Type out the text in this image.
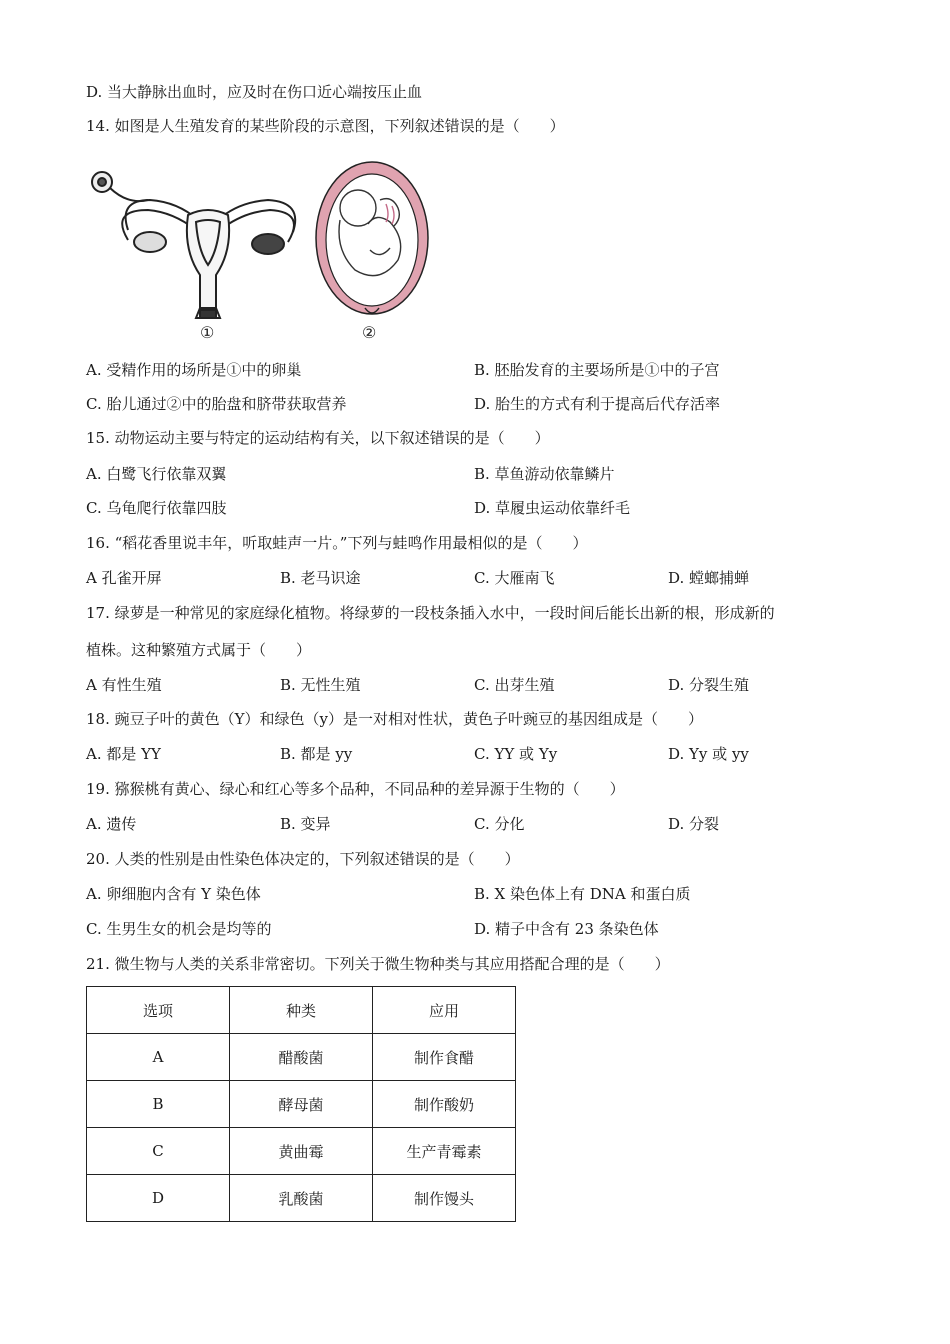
D. 当大静脉出血时，应及时在伤口近心端按压止血
14. 如图是人生殖发育的某些阶段的示意图，下列叙述错误的是（　　）
①	②
A. 受精作用的场所是①中的卵巢	B. 胚胎发育的主要场所是①中的子宫
C. 胎儿通过②中的胎盘和脐带获取营养	D. 胎生的方式有利于提高后代存活率
15. 动物运动主要与特定的运动结构有关，以下叙述错误的是（　　）
A. 白鹭飞行依靠双翼	B. 草鱼游动依靠鳞片
C. 乌龟爬行依靠四肢	D. 草履虫运动依靠纤毛
16. “稻花香里说丰年，听取蛙声一片。”下列与蛙鸣作用最相似的是（　　）
A 孔雀开屏	B. 老马识途	C. 大雁南飞	D. 螳螂捕蝉
17. 绿萝是一种常见的家庭绿化植物。将绿萝的一段枝条插入水中，一段时间后能长出新的根，形成新的
植株。这种繁殖方式属于（　　）
A 有性生殖	B. 无性生殖	C. 出芽生殖	D. 分裂生殖
18. 豌豆子叶的黄色（Y）和绿色（y）是一对相对性状，黄色子叶豌豆的基因组成是（　　）
A. 都是 YY	B. 都是 yy	C. YY 或 Yy	D. Yy 或 yy
19. 猕猴桃有黄心、绿心和红心等多个品种，不同品种的差异源于生物的（　　）
A. 遗传	B. 变异	C. 分化	D. 分裂
20. 人类的性别是由性染色体决定的，下列叙述错误的是（　　）
A. 卵细胞内含有 Y 染色体	B. X 染色体上有 DNA 和蛋白质
C. 生男生女的机会是均等的	D. 精子中含有 23 条染色体
21. 微生物与人类的关系非常密切。下列关于微生物种类与其应用搭配合理的是（　　）
选项	种类	应用
A	醋酸菌	制作食醋
B	酵母菌	制作酸奶
C	黄曲霉	生产青霉素
D	乳酸菌	制作馒头
